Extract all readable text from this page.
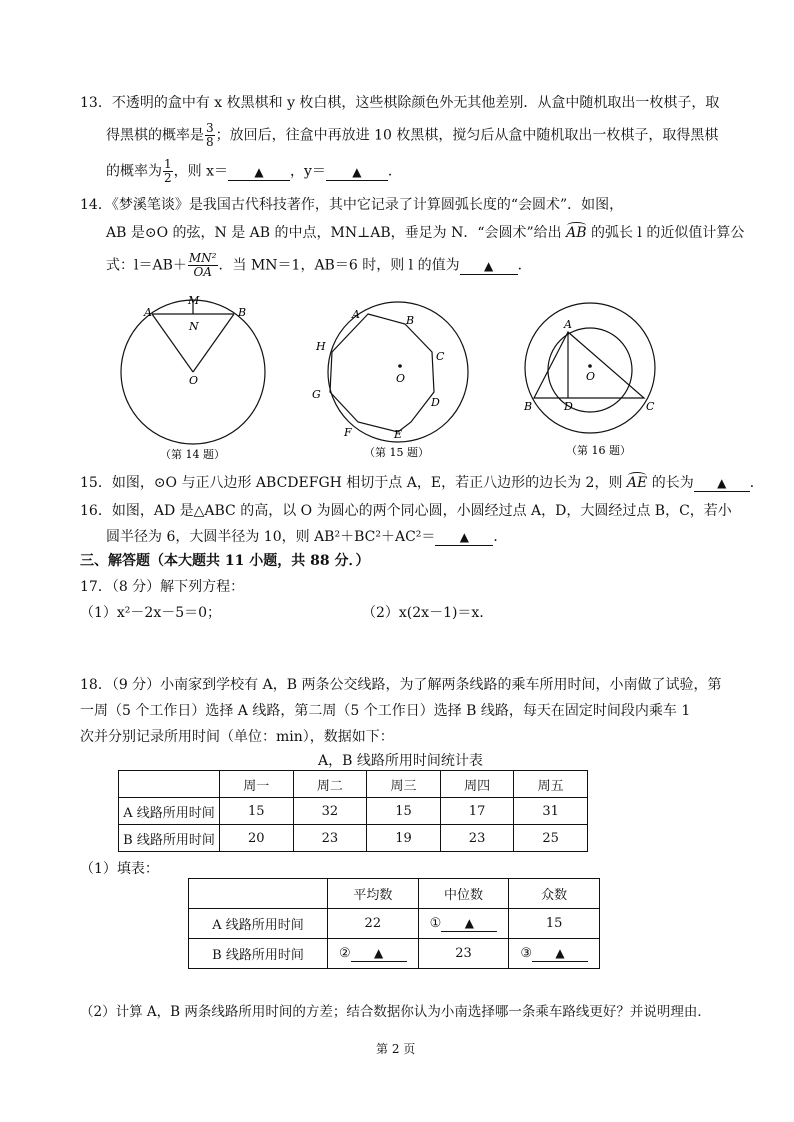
13．不透明的盒中有 x 枚黑棋和 y 枚白棋，这些棋除颜色外无其他差别．从盒中随机取出一枚棋子，取
得黑棋的概率是 $\frac{3}{8}$ ；放回后，往盒中再放进 10 枚黑棋，搅匀后从盒中随机取出一枚棋子，取得黑棋
的概率为 $\frac{1}{2}$ ，则 x＝ ▲ ，y＝ ▲ ．
14．《梦溪笔谈》是我国古代科技著作，其中它记录了计算圆弧长度的“会圆术”．如图，
AB 是⊙O 的弦，N 是 AB 的中点，MN⊥AB，垂足为 N．“会圆术”给出
AB 的弧长 l 的近似值计算公
式：$l=AB+ \frac{\text{MN²}}{OA}$ ．当 MN＝1，AB＝6 时，则 l 的值为 ▲ ．
A	B
M
N
O
（第 14 题）
A	B
C
D
E
F
G
H
O
（第 15 题）
A
B	C
D
O
（第 16 题）
15．如图，⊙O 与正八边形 ABCDEFGH 相切于点 A，E，若正八边形的边长为 2，则
AE 的长为 ▲ ．
16．如图，AD 是△ABC 的高，以 O 为圆心的两个同心圆，小圆经过点 A，D，大圆经过点 B，C，若小
圆半径为 6，大圆半径为 10，则 AB²＋BC²＋AC²＝ ▲ ．
三、解答题（本大题共 11 小题，共 88 分．）
17．（8 分）解下列方程：
（1）x²－2x－5＝0；	（2）x(2x－1)＝x．
18．（9 分）小南家到学校有 A，B 两条公交线路，为了解两条线路的乘车所用时间，小南做了试验，第
一周（5 个工作日）选择 A 线路，第二周（5 个工作日）选择 B 线路，每天在固定时间段内乘车 1
次并分别记录所用时间（单位：min），数据如下：
A，B 线路所用时间统计表
	周一	周二	周三	周四	周五
A 线路所用时间	15	32	15	17	31
B 线路所用时间	20	23	19	23	25
（1）填表：
	平均数	中位数	众数
A 线路所用时间	22	① ▲	15
B 线路所用时间	② ▲	23	③ ▲
（2）计算 A，B 两条线路所用时间的方差；结合数据你认为小南选择哪一条乘车路线更好？并说明理由．
第 2 页
